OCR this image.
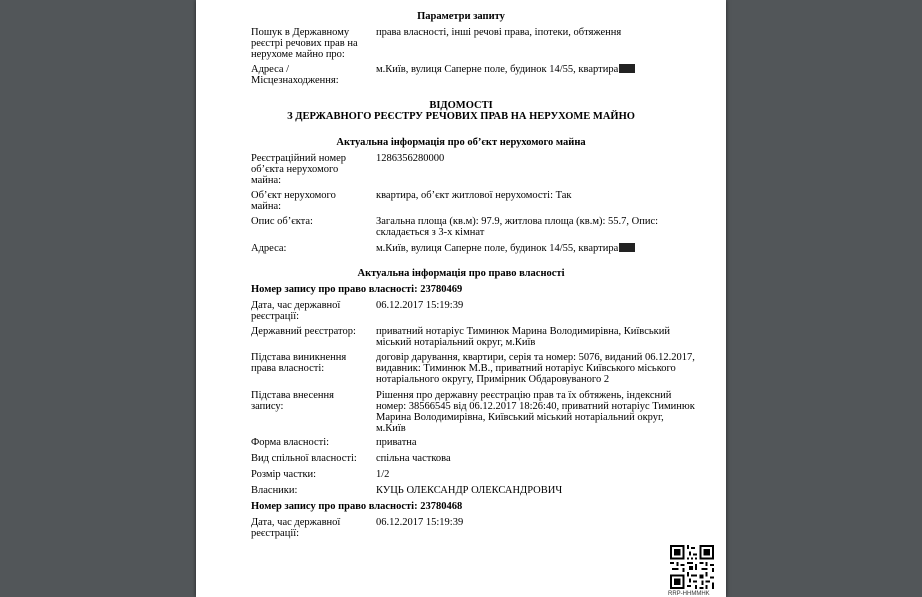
Параметри запиту
Пошук в Державному реєстрі речових прав на нерухоме майно про:
права власності, інші речові права, іпотеки, обтяження
Адреса / Місцезнаходження:
м.Київ, вулиця Саперне поле, будинок 14/55, квартира
ВІДОМОСТІ
З ДЕРЖАВНОГО РЕЄСТРУ РЕЧОВИХ ПРАВ НА НЕРУХОМЕ МАЙНО
Актуальна інформація про об’єкт нерухомого майна
Реєстраційний номер об’єкта нерухомого майна:
1286356280000
Об’єкт нерухомого майна:
квартира, об’єкт житлової нерухомості: Так
Опис об’єкта:	Загальна площа (кв.м): 97.9, житлова площа (кв.м): 55.7, Опис: складається з 3-х кімнат
Адреса:	м.Київ, вулиця Саперне поле, будинок 14/55, квартира
Актуальна інформація про право власності
Номер запису про право власності: 23780469
Дата, час державної реєстрації:
06.12.2017 15:19:39
Державний реєстратор:	приватний нотаріус Тиминюк Марина Володимирівна, Київський міський нотаріальний округ, м.Київ
Підстава виникнення права власності:
договір дарування, квартири, серія та номер: 5076, виданий 06.12.2017, видавник: Тиминюк М.В., приватний нотаріус Київського міського нотаріального округу, Примірник Обдаровуваного 2
Підстава внесення запису:
Рішення про державну реєстрацію прав та їх обтяжень, індексний номер: 38566545 від 06.12.2017 18:26:40, приватний нотаріус Тиминюк Марина Володимирівна, Київський міський нотаріальний округ, м.Київ
Форма власності:	приватна
Вид спільної власності:	спільна часткова
Розмір частки:	1/2
Власники:	КУЦЬ ОЛЕКСАНДР ОЛЕКСАНДРОВИЧ
Номер запису про право власності: 23780468
Дата, час державної реєстрації:
06.12.2017 15:19:39
RRP-HHMMHK
